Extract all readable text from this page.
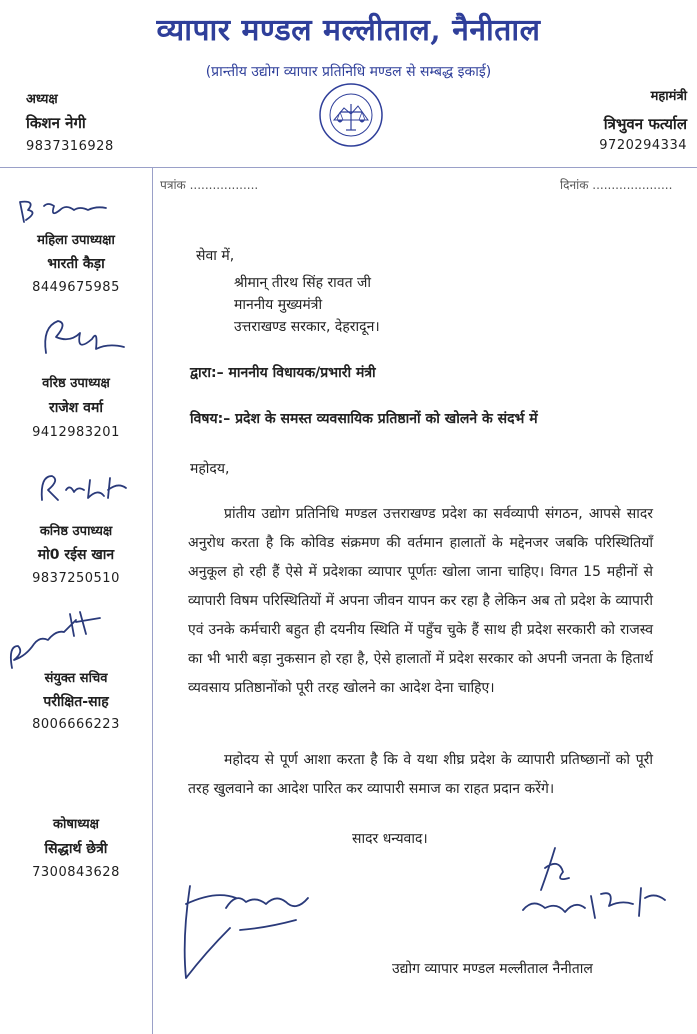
व्यापार मण्डल मल्लीताल, नैनीताल
(प्रान्तीय उद्योग व्यापार प्रतिनिधि मण्डल से सम्बद्ध इकाई)
अध्यक्ष
किशन नेगी
9837316928
महामंत्री
त्रिभुवन फर्त्याल
9720294334
पत्रांक ..................	दिनांक .....................
महिला उपाध्यक्षा
भारती कैड़ा
8449675985
वरिष्ठ उपाध्यक्ष
राजेश वर्मा
9412983201
कनिष्ठ उपाध्यक्ष
मो0 रईस खान
9837250510
संयुक्त सचिव
परीक्षित-साह
8006666223
कोषाध्यक्ष
सिद्धार्थ छेत्री
7300843628
सेवा में,
श्रीमान् तीरथ सिंह रावत जी
माननीय मुख्यमंत्री
उत्तराखण्ड सरकार, देहरादून।
द्वारा:– माननीय विधायक/प्रभारी मंत्री
विषय:– प्रदेश के समस्त व्यवसायिक प्रतिष्ठानों को खोलने के संदर्भ में
महोदय,
प्रांतीय उद्योग प्रतिनिधि मण्डल उत्तराखण्ड प्रदेश का सर्वव्यापी संगठन, आपसे सादर अनुरोध करता है कि कोविड संक्रमण की वर्तमान हालातों के मद्देनजर जबकि परिस्थितियाँ अनुकूल हो रही हैं ऐसे में प्रदेशका व्यापार पूर्णतः खोला जाना चाहिए। विगत 15 महीनों से व्यापारी विषम परिस्थितियों में अपना जीवन यापन कर रहा है लेकिन अब तो प्रदेश के व्यापारी एवं उनके कर्मचारी बहुत ही दयनीय स्थिति में पहुँच चुके हैं साथ ही प्रदेश सरकारी को राजस्व का भी भारी बड़ा नुकसान हो रहा है, ऐसे हालातों में प्रदेश सरकार को अपनी जनता के हितार्थ व्यवसाय प्रतिष्ठानोंको पूरी तरह खोलने का आदेश देना चाहिए।
महोदय से पूर्ण आशा करता है कि वे यथा शीघ्र प्रदेश के व्यापारी प्रतिष्छानों को पूरी तरह खुलवाने का आदेश पारित कर व्यापारी समाज का राहत प्रदान करेंगे।
सादर धन्यवाद।
उद्योग व्यापार मण्डल मल्लीताल नैनीताल
